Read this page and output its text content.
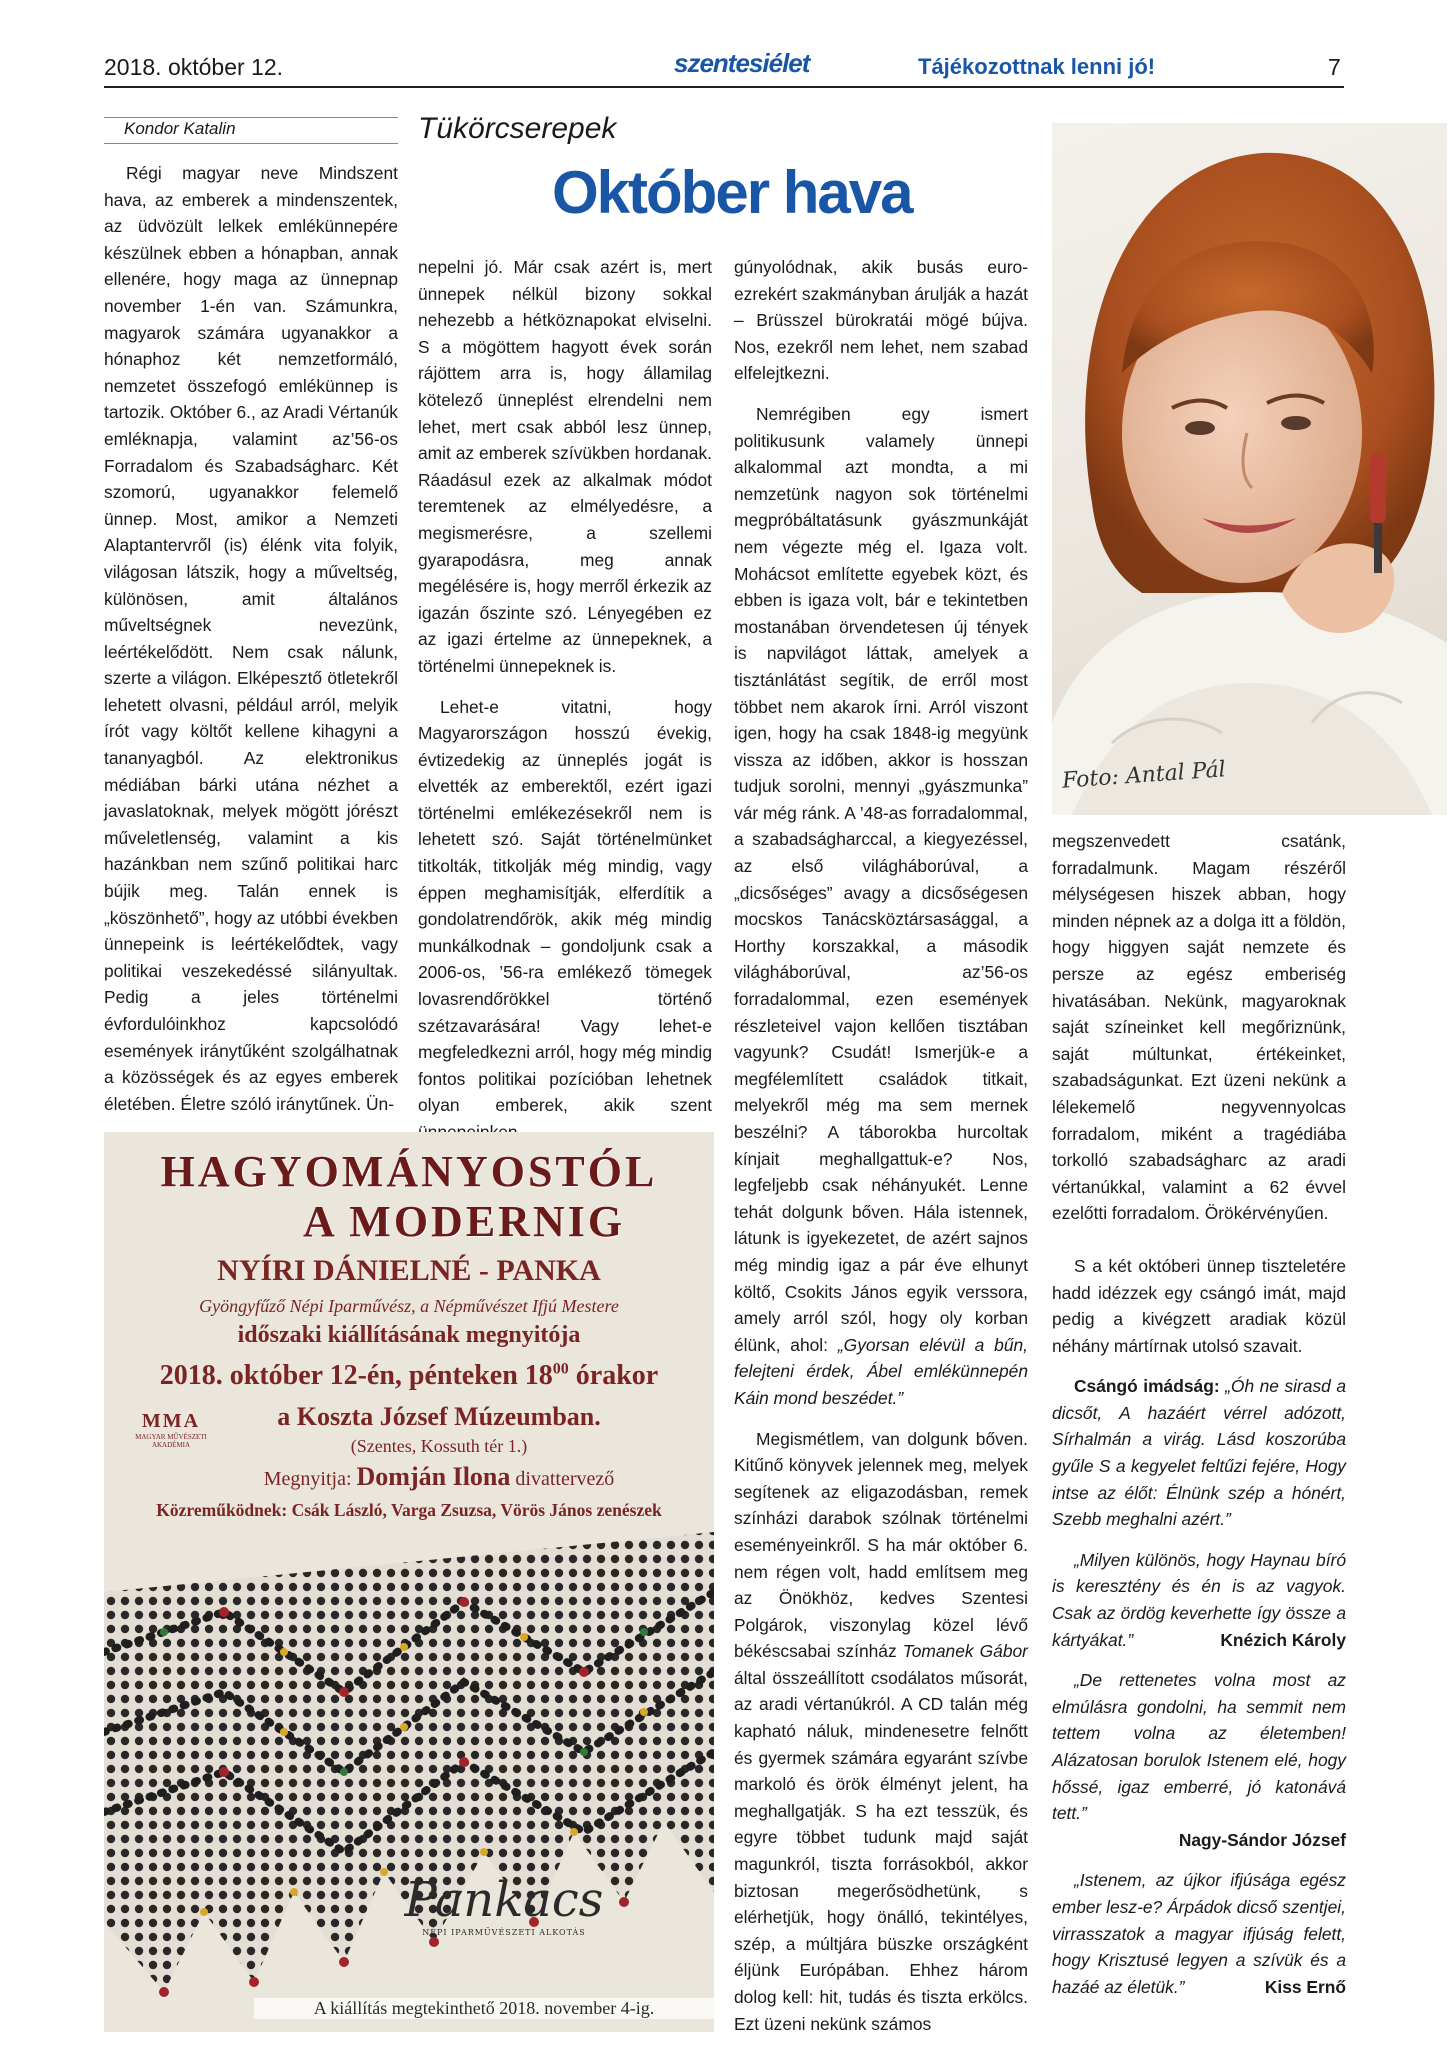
2018. október 12.	szentesiélet	Tájékozottnak lenni jó!	7
Kondor Katalin	Tükörcserepek
Október hava

Régi magyar neve Mindszent hava, az emberek a mindenszentek, az üdvözült lelkek emlékünnepére készülnek ebben a hónapban, annak ellenére, hogy maga az ünnepnap november 1-én van. Számunkra, magyarok számára ugyanakkor a hónaphoz két nemzetformáló, nemzetet összefogó emlékünnep is tartozik. Október 6., az Aradi Vértanúk emléknapja, valamint az’56-os Forradalom és Szabadságharc. Két szomorú, ugyanakkor felemelő ünnep. Most, amikor a Nemzeti Alaptantervről (is) élénk vita folyik, világosan látszik, hogy a műveltség, különösen, amit általános műveltségnek nevezünk, leértékelődött. Nem csak nálunk, szerte a világon. Elképesztő ötletekről lehetett olvasni, például arról, melyik írót vagy költőt kellene kihagyni a tananyagból. Az elektronikus médiában bárki utána nézhet a javaslatoknak, melyek mögött jórészt műveletlenség, valamint a kis hazánkban nem szűnő politikai harc bújik meg. Talán ennek is „köszönhető”, hogy az utóbbi években ünnepeink is leértékelődtek, vagy politikai veszekedéssé silányultak. Pedig a jeles történelmi évfordulóinkhoz kapcsolódó események iránytűként szolgálhatnak a közösségek és az egyes emberek életében. Életre szóló iránytűnek. Ün-

nepelni jó. Már csak azért is, mert ünnepek nélkül bizony sokkal nehezebb a hétköznapokat elviselni. S a mögöttem hagyott évek során rájöttem arra is, hogy államilag kötelező ünneplést elrendelni nem lehet, mert csak abból lesz ünnep, amit az emberek szívükben hordanak. Ráadásul ezek az alkalmak módot teremtenek az elmélyedésre, a megismerésre, a szellemi gyarapodásra, meg annak megélésére is, hogy merről érkezik az igazán őszinte szó. Lényegében ez az igazi értelme az ünnepeknek, a történelmi ünnepeknek is.

Lehet-e vitatni, hogy Magyarországon hosszú évekig, évtizedekig az ünneplés jogát is elvették az emberektől, ezért igazi történelmi emlékezésekről nem is lehetett szó. Saját történelmünket titkolták, titkolják még mindig, vagy éppen meghamisítják, elferdítik a gondolatrendőrök, akik még mindig munkálkodnak – gondoljunk csak a 2006-os, ’56-ra emlékező tömegek lovasrendőrökkel történő szétzavarására! Vagy lehet-e megfeledkezni arról, hogy még mindig fontos politikai pozícióban lehetnek olyan emberek, akik szent

gúnyolódnak, akik busás euro-ezrekért szakmányban árulják a hazát – Brüsszel bürokratái mögé bújva. Nos, ezekről nem lehet, nem szabad elfelejtkezni.

Nemrégiben egy ismert politikusunk valamely ünnepi alkalommal azt mondta, a mi nemzetünk nagyon sok történelmi megpróbáltatásunk gyászmunkáját nem végezte még el. Igaza volt. Mohácsot említette egyebek közt, és ebben is igaza volt, bár e tekintetben mostanában örvendetesen új tények is napvilágot láttak, amelyek a tisztánlátást segítik, de erről most többet nem akarok írni. Arról viszont igen, hogy ha csak 1848-ig megyünk vissza az időben, akkor is hosszan tudjuk sorolni, mennyi „gyászmunka” vár még ránk. A ’48-as forradalommal, a szabadságharccal, a kiegyezéssel, az első világháborúval, a „dicsőséges” avagy a dicsőségesen mocskos Tanácsköztársasággal, a Horthy korszakkal, a második világháborúval, az’56-os forradalommal, ezen események részleteivel vajon kellően tisztában vagyunk? Csudát! Ismerjük-e a megfélemlített családok titkait, melyekről még ma sem mernek beszélni? A táborokba hurcoltak kínjait meghallgattuk-e? Nos, legfeljebb csak néhányukét. Lenne tehát dolgunk bőven. Hála istennek, látunk is igyekezetet, de azért sajnos még mindig igaz a pár éve elhunyt költő, Csokits János egyik verssora, amely arról szól, hogy oly korban élünk, ahol: „Gyorsan elévül a bűn, felejteni érdek, Ábel emlékünnepén Káin mond beszédet.”

Megismétlem, van dolgunk bőven. Kitűnő könyvek jelennek meg, melyek segítenek az eligazodásban, remek színházi darabok szólnak történelmi eseményeinkről. S ha már október 6. nem régen volt, hadd említsem meg az Önökhöz, kedves Szentesi Polgárok, viszonylag közel lévő békéscsabai színház Tomanek Gábor által összeállított csodálatos műsorát, az aradi vértanúkról. A CD talán még kapható náluk, mindenesetre felnőtt és gyermek számára egyaránt szívbe markoló és örök élményt jelent, ha meghallgatják. S ha ezt tesszük, és egyre többet tudunk majd saját magunkról, tiszta forrásokból, akkor biztosan megerősödhetünk, s elérhetjük, hogy önálló, tekintélyes, szép, a múltjára büszke országként éljünk Európában. Ehhez három dolog kell: hit, tudás és tiszta erkölcs. Ezt üzeni nekünk számos

Foto: Antal Pál

megszenvedett csatánk, forradalmunk. Magam részéről mélységesen hiszek abban, hogy minden népnek az a dolga itt a földön, hogy higgyen saját nemzete és persze az egész emberiség hivatásában. Nekünk, magyaroknak saját színeinket kell megőriznünk, saját múltunkat, értékeinket, szabadságunkat. Ezt üzeni nekünk a lélekemelő negyvennyolcas forradalom, miként a tragédiába torkolló szabadságharc az aradi vértanúkkal, valamint a 62 évvel ezelőtti forradalom. Örökérvényűen.

S a két októberi ünnep tiszteletére hadd idézzek egy csángó imát, majd pedig a kivégzett aradiak közül néhány mártírnak utolsó szavait.

Csángó imádság: „Óh ne sirasd a dicsőt, A hazáért vérrel adózott, Sírhalmán a virág. Lásd koszorúba gyűle S a kegyelet feltűzi fejére, Hogy intse az élőt: Élnünk szép a hónért, Szebb meghalni azért.”

„Milyen különös, hogy Haynau bíró is keresztény és én is az vagyok. Csak az ördög keverhette így össze a kártyákat.”	Knézich Károly

„De rettenetes volna most az elmúlásra gondolni, ha semmit nem tettem volna az életemben! Alázatosan borulok Istenem elé, hogy hőssé, igaz emberré, jó katonává tett.”

Nagy-Sándor József

„Istenem, az újkor ifjúsága egész ember lesz-e? Árpádok dicső szentjei, virrasszatok a magyar ifjúság felett, hogy Krisztusé legyen a szívük és a hazáé az életük.”	Kiss Ernő

HAGYOMÁNYOSTÓL
A MODERNIG
NYÍRI DÁNIELNÉ - PANKA
Gyöngyfűző Népi Iparművész, a Népművészet Ifjú Mestere
időszaki kiállításának megnyitója
2018. október 12-én, pénteken $18^{00}$ órakor
MMA
MAGYAR MŰVÉSZETI
AKADÉMIA
a Koszta József Múzeumban.
(Szentes, Kossuth tér 1.)
Megnyitja: Domján Ilona divattervező
Közreműködnek: Csák László, Varga Zsuzsa, Vörös János zenészek
Pankacs
NÉPI IPARMŰVÉSZETI ALKOTÁS
A kiállítás megtekinthető 2018. november 4-ig.
